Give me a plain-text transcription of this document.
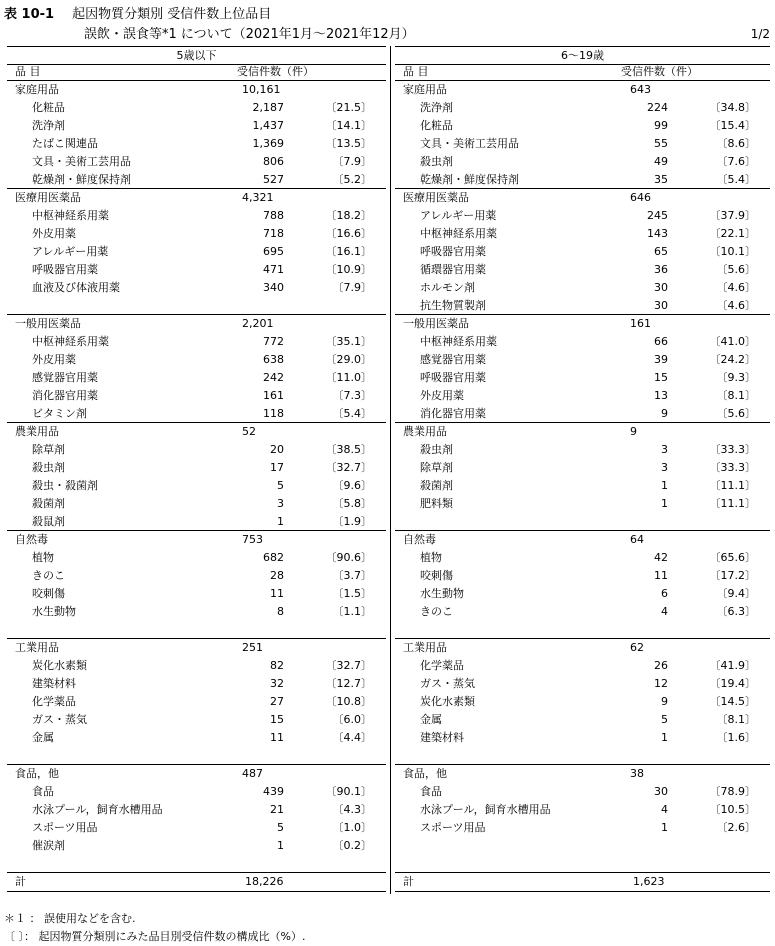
表 10-1 起因物質分類別 受信件数上位品目
誤飲・誤食等*1 について（2021年1月～2021年12月）	1/2
5歳以下
品 目	受信件数（件）
家庭用品	10,161
化粧品	2,187	〔21.5〕
洗浄剤	1,437	〔14.1〕
たばこ関連品	1,369	〔13.5〕
文具・美術工芸用品	806	〔7.9〕
乾燥剤・鮮度保持剤	527	〔5.2〕
医療用医薬品	4,321
中枢神経系用薬	788	〔18.2〕
外皮用薬	718	〔16.6〕
アレルギー用薬	695	〔16.1〕
呼吸器官用薬	471	〔10.9〕
血液及び体液用薬	340	〔7.9〕
一般用医薬品	2,201
中枢神経系用薬	772	〔35.1〕
外皮用薬	638	〔29.0〕
感覚器官用薬	242	〔11.0〕
消化器官用薬	161	〔7.3〕
ビタミン剤	118	〔5.4〕
農業用品	52
除草剤	20	〔38.5〕
殺虫剤	17	〔32.7〕
殺虫・殺菌剤	5	〔9.6〕
殺菌剤	3	〔5.8〕
殺鼠剤	1	〔1.9〕
自然毒	753
植物	682	〔90.6〕
きのこ	28	〔3.7〕
咬刺傷	11	〔1.5〕
水生動物	8	〔1.1〕
工業用品	251
炭化水素類	82	〔32.7〕
建築材料	32	〔12.7〕
化学薬品	27	〔10.8〕
ガス・蒸気	15	〔6.0〕
金属	11	〔4.4〕
食品，他	487
食品	439	〔90.1〕
水泳プール，飼育水槽用品	21	〔4.3〕
スポーツ用品	5	〔1.0〕
催涙剤	1	〔0.2〕
計	18,226
6～19歳
品 目	受信件数（件）
家庭用品	643
洗浄剤	224	〔34.8〕
化粧品	99	〔15.4〕
文具・美術工芸用品	55	〔8.6〕
殺虫剤	49	〔7.6〕
乾燥剤・鮮度保持剤	35	〔5.4〕
医療用医薬品	646
アレルギー用薬	245	〔37.9〕
中枢神経系用薬	143	〔22.1〕
呼吸器官用薬	65	〔10.1〕
循環器官用薬	36	〔5.6〕
ホルモン剤	30	〔4.6〕
抗生物質製剤	30	〔4.6〕
一般用医薬品	161
中枢神経系用薬	66	〔41.0〕
感覚器官用薬	39	〔24.2〕
呼吸器官用薬	15	〔9.3〕
外皮用薬	13	〔8.1〕
消化器官用薬	9	〔5.6〕
農業用品	9
殺虫剤	3	〔33.3〕
除草剤	3	〔33.3〕
殺菌剤	1	〔11.1〕
肥料類	1	〔11.1〕
自然毒	64
植物	42	〔65.6〕
咬刺傷	11	〔17.2〕
水生動物	6	〔9.4〕
きのこ	4	〔6.3〕
工業用品	62
化学薬品	26	〔41.9〕
ガス・蒸気	12	〔19.4〕
炭化水素類	9	〔14.5〕
金属	5	〔8.1〕
建築材料	1	〔1.6〕
食品，他	38
食品	30	〔78.9〕
水泳プール，飼育水槽用品	4	〔10.5〕
スポーツ用品	1	〔2.6〕
計	1,623
＊１ ： 誤使用などを含む.
〔 〕： 起因物質分類別にみた品目別受信件数の構成比（%）.
